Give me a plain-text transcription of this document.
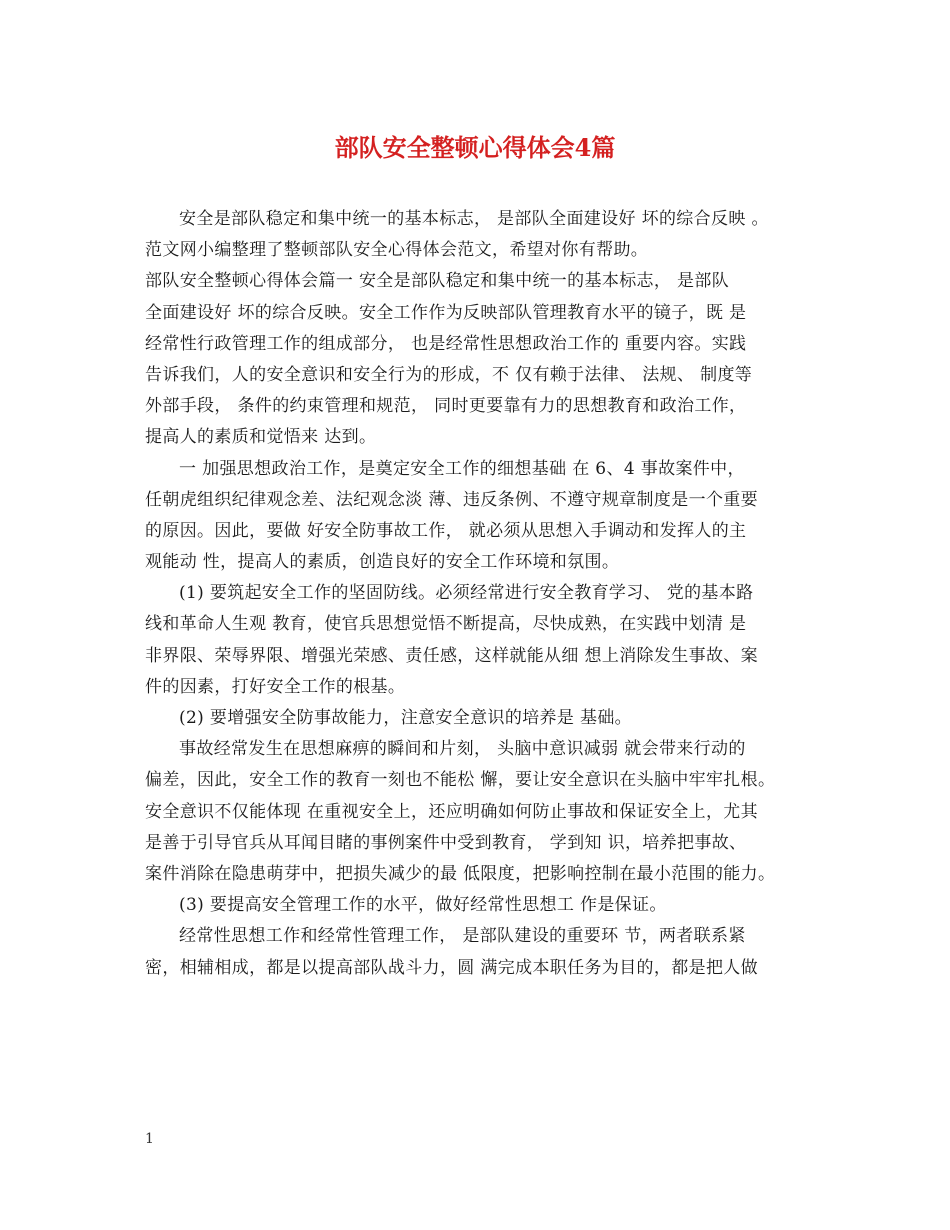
部队安全整顿心得体会4篇
安全是部队稳定和集中统一的基本标志， 是部队全面建设好 坏的综合反映 。
范文网小编整理了整顿部队安全心得体会范文，希望对你有帮助。
部队安全整顿心得体会篇一 安全是部队稳定和集中统一的基本标志， 是部队
全面建设好 坏的综合反映。安全工作作为反映部队管理教育水平的镜子，既 是
经常性行政管理工作的组成部分， 也是经常性思想政治工作的 重要内容。实践
告诉我们，人的安全意识和安全行为的形成，不 仅有赖于法律、 法规、 制度等
外部手段， 条件的约束管理和规范， 同时更要靠有力的思想教育和政治工作，
提高人的素质和觉悟来 达到。
一 加强思想政治工作，是奠定安全工作的细想基础 在 6、4 事故案件中，
任朝虎组织纪律观念差、法纪观念淡 薄、违反条例、不遵守规章制度是一个重要
的原因。因此，要做 好安全防事故工作， 就必须从思想入手调动和发挥人的主
观能动 性，提高人的素质，创造良好的安全工作环境和氛围。
(1) 要筑起安全工作的坚固防线。必须经常进行安全教育学习、 党的基本路
线和革命人生观 教育，使官兵思想觉悟不断提高，尽快成熟，在实践中划清 是
非界限、荣辱界限、增强光荣感、责任感，这样就能从细 想上消除发生事故、案
件的因素，打好安全工作的根基。
(2) 要增强安全防事故能力，注意安全意识的培养是 基础。
事故经常发生在思想麻痹的瞬间和片刻， 头脑中意识减弱 就会带来行动的
偏差，因此，安全工作的教育一刻也不能松 懈，要让安全意识在头脑中牢牢扎根。
安全意识不仅能体现 在重视安全上，还应明确如何防止事故和保证安全上，尤其
是善于引导官兵从耳闻目睹的事例案件中受到教育， 学到知 识，培养把事故、
案件消除在隐患萌芽中，把损失减少的最 低限度，把影响控制在最小范围的能力。
(3) 要提高安全管理工作的水平，做好经常性思想工 作是保证。
经常性思想工作和经常性管理工作， 是部队建设的重要环 节，两者联系紧
密，相辅相成，都是以提高部队战斗力，圆 满完成本职任务为目的，都是把人做
1
